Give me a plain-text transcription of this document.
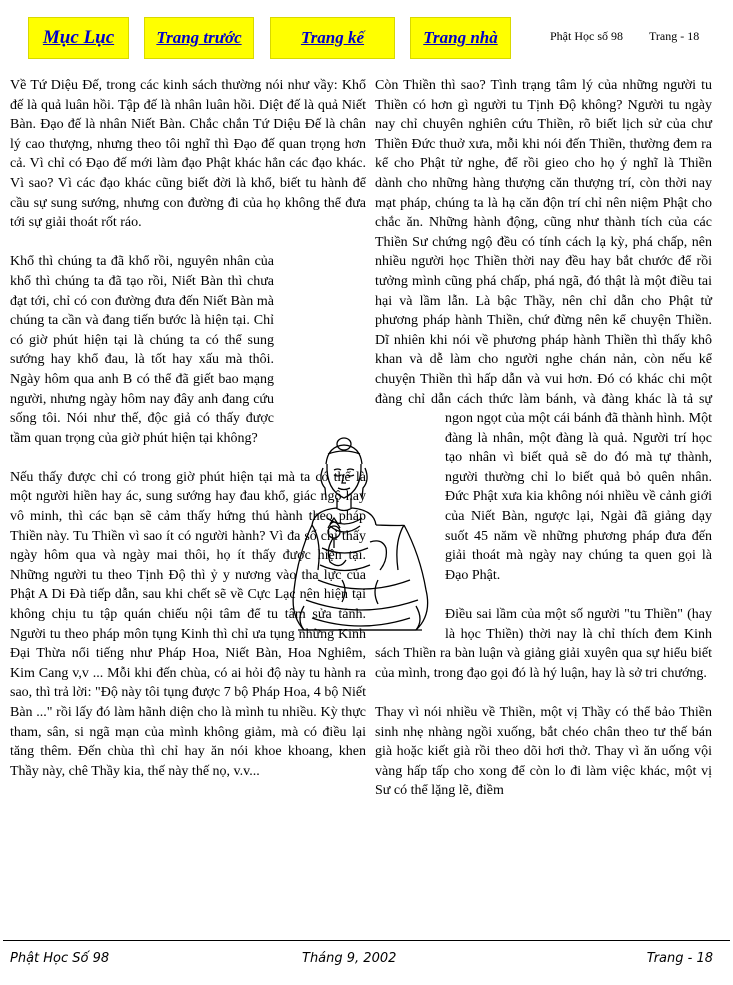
Mục Lục	Trang trước	Trang kế	Trang nhà	Phật Học số 98 Trang - 18

Về Tứ Diệu Đế, trong các kinh sách thường nói như vầy: Khổ đế là quả luân hồi. Tập đế là nhân luân hồi. Diệt đế là quả Niết Bàn. Đạo đế là nhân Niết Bàn. Chắc chắn Tứ Diệu Đế là chân lý cao thượng, nhưng theo tôi nghĩ thì Đạo đế quan trọng hơn cả. Vì chỉ có Đạo đế mới làm đạo Phật khác hẳn các đạo khác. Vì sao? Vì các đạo khác cũng biết đời là khổ, biết tu hành để cầu sự sung sướng, nhưng con đường đi của họ không thể đưa tới sự giải thoát rốt ráo.

Khổ thì chúng ta đã khổ rồi, nguyên nhân của khổ thì chúng ta đã tạo rồi, Niết Bàn thì chưa đạt tới, chỉ có con đường đưa đến Niết Bàn mà chúng ta cần và đang tiến bước là hiện tại. Chỉ có giờ phút hiện tại là chúng ta có thể sung sướng hay khổ đau, là tốt hay xấu mà thôi. Ngày hôm qua anh B có thể đã giết bao mạng người, nhưng ngày hôm nay đây anh đang cứu sống tôi. Nói như thế, độc giả có thấy được tầm quan trọng của giờ phút hiện tại không?

Nếu thấy được chỉ có trong giờ phút hiện tại mà ta có thể là một người hiền hay ác, sung sướng hay đau khổ, giác ngộ hay vô minh, thì các bạn sẽ cảm thấy hứng thú hành theo pháp Thiền này. Tu Thiền vì sao ít có người hành? Vì đa số chỉ thấy ngày hôm qua và ngày mai thôi, họ ít thấy được hiện tại. Những người tu theo Tịnh Độ thì ỷ y nương vào tha lực của Phật A Di Đà tiếp dẫn, sau khi chết sẽ về Cực Lạc nên hiện tại không chịu tu tập quán chiếu nội tâm để tu tâm sửa tánh. Người tu theo pháp môn tụng Kinh thì chỉ ưa tụng những Kinh Đại Thừa nổi tiếng như Pháp Hoa, Niết Bàn, Hoa Nghiêm, Kim Cang v,v ... Mỗi khi đến chùa, có ai hỏi độ này tu hành ra sao, thì trả lời: "Độ này tôi tụng được 7 bộ Pháp Hoa, 4 bộ Niết Bàn ..." rồi lấy đó làm hãnh diện cho là mình tu nhiều. Kỳ thực tham, sân, si ngã mạn của mình không giảm, mà có điều lại tăng thêm. Đến chùa thì chỉ hay ăn nói khoe khoang, khen Thầy này, chê Thầy kia, thế này thế nọ, v.v...

Còn Thiền thì sao? Tình trạng tâm lý của những người tu Thiền có hơn gì người tu Tịnh Độ không? Người tu ngày nay chỉ chuyên nghiên cứu Thiền, rõ biết lịch sử của chư Thiền Đức thuở xưa, mỗi khi nói đến Thiền, thường đem ra kể cho Phật tử nghe, để rồi gieo cho họ ý nghĩ là Thiền dành cho những hàng thượng căn thượng trí, còn thời nay mạt pháp, chúng ta là hạ căn độn trí chỉ nên niệm Phật cho chắc ăn. Những hành động, cũng như thành tích của các Thiền Sư chứng ngộ đều có tính cách lạ kỳ, phá chấp, nên nhiều người học Thiền thời nay đều hay bắt chước để rồi tưởng mình cũng phá chấp, phá ngã, đó thật là một điều tai hại và lầm lẫn. Là bậc Thầy, nên chỉ dẫn cho Phật tử phương pháp hành Thiền, chứ đừng nên kể chuyện Thiền. Dĩ nhiên khi nói về phương pháp hành Thiền thì thấy khô khan và dễ làm cho người nghe chán nản, còn nếu kể chuyện Thiền thì hấp dẫn và vui hơn. Đó có khác chi một đàng chỉ dẫn cách thức làm bánh, và đàng khác là tả sự ngon ngọt của một cái bánh đã thành hình. Một đàng là nhân, một đàng là quả. Người trí học tạo nhân vì biết quả sẽ do đó mà tự thành, người thường chỉ lo biết quả bỏ quên nhân. Đức Phật xưa kia không nói nhiều về cảnh giới của Niết Bàn, ngược lại, Ngài đã giảng dạy suốt 45 năm về những phương pháp đưa đến giải thoát mà ngày nay chúng ta quen gọi là Đạo Phật.

Điều sai lầm của một số người "tu Thiền" (hay là học Thiền) thời nay là chỉ thích đem Kinh sách Thiền ra bàn luận và giảng giải xuyên qua sự hiểu biết của mình, trong đạo gọi đó là hý luận, hay là sở tri chướng.

Thay vì nói nhiều về Thiền, một vị Thầy có thể bảo Thiền sinh nhẹ nhàng ngồi xuống, bắt chéo chân theo tư thế bán già hoặc kiết già rồi theo dõi hơi thở. Thay vì ăn uống vội vàng hấp tấp cho xong để còn lo đi làm việc khác, một vị Sư có thể lặng lẽ, điềm

Phật Học Số 98	Tháng 9, 2002	Trang - 18
